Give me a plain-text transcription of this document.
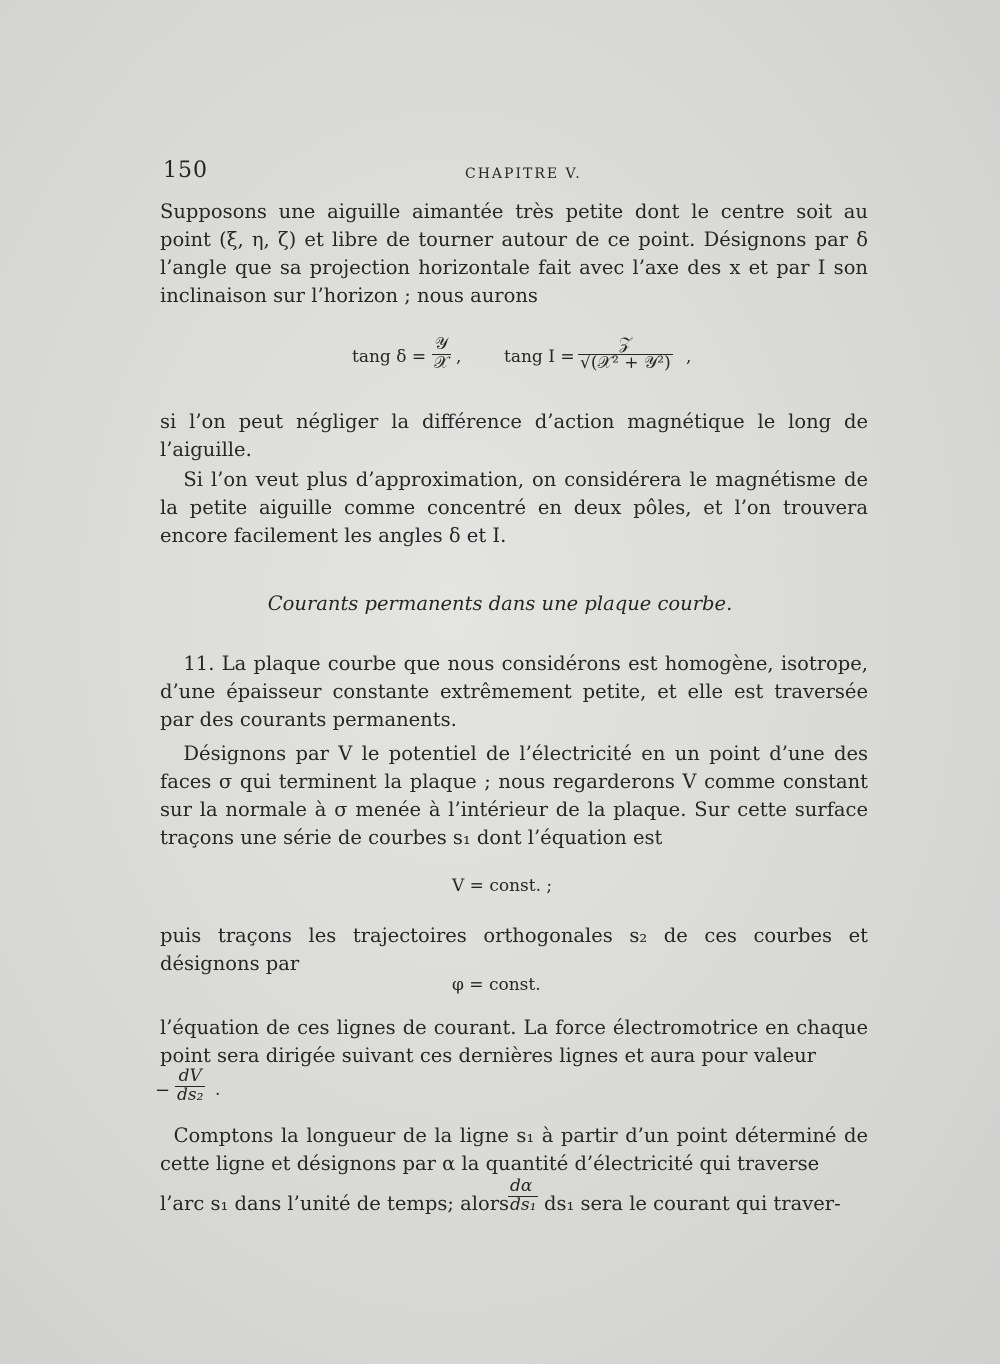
150	CHAPITRE V.

Supposons une aiguille aimantée très petite dont le centre soit au point (ξ, η, ζ) et libre de tourner autour de ce point. Désignons par δ l’angle que sa projection horizontale fait avec l’axe des x et par I son inclinaison sur l’horizon ; nous aurons

tang δ =
𝒴
𝒳 ,	tang I =
𝒵
√(𝒳² + 𝒴²) ,

si l’on peut négliger la différence d’action magnétique le long de l’aiguille.

Si l’on veut plus d’approximation, on considérera le magnétisme de la petite aiguille comme concentré en deux pôles, et l’on trouvera encore facilement les angles δ et I.

Courants permanents dans une plaque courbe.

11. La plaque courbe que nous considérons est homogène, isotrope, d’une épaisseur constante extrêmement petite, et elle est traversée par des courants permanents.

Désignons par V le potentiel de l’électricité en un point d’une des faces σ qui terminent la plaque ; nous regarderons V comme constant sur la normale à σ menée à l’intérieur de la plaque. Sur cette surface traçons une série de courbes s₁ dont l’équation est

V = const. ;

puis traçons les trajectoires orthogonales s₂ de ces courbes et désignons par

φ = const.

l’équation de ces lignes de courant. La force électromotrice en chaque point sera dirigée suivant ces dernières lignes et aura pour valeur

− $\frac{dV}{\text{ds₂}}$ .

Comptons la longueur de la ligne s₁ à partir d’un point déterminé de cette ligne et désignons par α la quantité d’électricité qui traverse

l’arc s₁ dans l’unité de temps; alors
$\frac{d\alpha}{\text{ds₁}} ds_1$ sera le courant qui traver-
